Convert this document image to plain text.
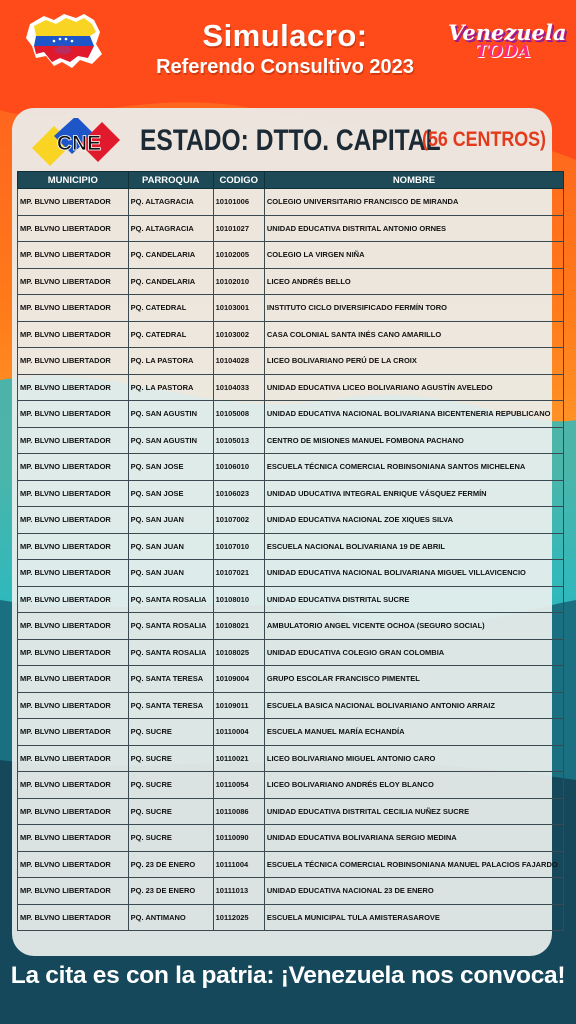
Simulacro:
Referendo Consultivo 2023
Venezuela
TODA
CNE ESTADO: DTTO. CAPITAL
(56 CENTROS)
MUNICIPIO	PARROQUIA	CODIGO	NOMBRE
MP. BLVNO LIBERTADOR	PQ. ALTAGRACIA	10101006	COLEGIO UNIVERSITARIO FRANCISCO DE MIRANDA
MP. BLVNO LIBERTADOR	PQ. ALTAGRACIA	10101027	UNIDAD EDUCATIVA DISTRITAL ANTONIO ORNES
MP. BLVNO LIBERTADOR	PQ. CANDELARIA	10102005	COLEGIO LA VIRGEN NIÑA
MP. BLVNO LIBERTADOR	PQ. CANDELARIA	10102010	LICEO ANDRÉS BELLO
MP. BLVNO LIBERTADOR	PQ. CATEDRAL	10103001	INSTITUTO CICLO DIVERSIFICADO FERMÍN TORO
MP. BLVNO LIBERTADOR	PQ. CATEDRAL	10103002	CASA COLONIAL SANTA INÉS CANO AMARILLO
MP. BLVNO LIBERTADOR	PQ. LA PASTORA	10104028	LICEO BOLIVARIANO PERÚ DE LA CROIX
MP. BLVNO LIBERTADOR	PQ. LA PASTORA	10104033	UNIDAD EDUCATIVA LICEO BOLIVARIANO AGUSTÍN AVELEDO
MP. BLVNO LIBERTADOR	PQ. SAN AGUSTIN	10105008	UNIDAD EDUCATIVA NACIONAL BOLIVARIANA BICENTENERIA REPUBLICANO
MP. BLVNO LIBERTADOR	PQ. SAN AGUSTIN	10105013	CENTRO DE MISIONES MANUEL FOMBONA PACHANO
MP. BLVNO LIBERTADOR	PQ. SAN JOSE	10106010	ESCUELA TÉCNICA COMERCIAL ROBINSONIANA SANTOS MICHELENA
MP. BLVNO LIBERTADOR	PQ. SAN JOSE	10106023	UNIDAD UDUCATIVA INTEGRAL ENRIQUE VÁSQUEZ FERMÍN
MP. BLVNO LIBERTADOR	PQ. SAN JUAN	10107002	UNIDAD EDUCATIVA NACIONAL ZOE XIQUES SILVA
MP. BLVNO LIBERTADOR	PQ. SAN JUAN	10107010	ESCUELA NACIONAL BOLIVARIANA 19 DE ABRIL
MP. BLVNO LIBERTADOR	PQ. SAN JUAN	10107021	UNIDAD EDUCATIVA NACIONAL BOLIVARIANA MIGUEL VILLAVICENCIO
MP. BLVNO LIBERTADOR	PQ. SANTA ROSALIA	10108010	UNIDAD EDUCATIVA DISTRITAL SUCRE
MP. BLVNO LIBERTADOR	PQ. SANTA ROSALIA	10108021	AMBULATORIO ANGEL VICENTE OCHOA (SEGURO SOCIAL)
MP. BLVNO LIBERTADOR	PQ. SANTA ROSALIA	10108025	UNIDAD EDUCATIVA COLEGIO GRAN COLOMBIA
MP. BLVNO LIBERTADOR	PQ. SANTA TERESA	10109004	GRUPO ESCOLAR FRANCISCO PIMENTEL
MP. BLVNO LIBERTADOR	PQ. SANTA TERESA	10109011	ESCUELA BASICA NACIONAL BOLIVARIANO ANTONIO ARRAIZ
MP. BLVNO LIBERTADOR	PQ. SUCRE	10110004	ESCUELA MANUEL MARÍA ECHANDÍA
MP. BLVNO LIBERTADOR	PQ. SUCRE	10110021	LICEO BOLIVARIANO MIGUEL ANTONIO CARO
MP. BLVNO LIBERTADOR	PQ. SUCRE	10110054	LICEO BOLIVARIANO ANDRÉS ELOY BLANCO
MP. BLVNO LIBERTADOR	PQ. SUCRE	10110086	UNIDAD EDUCATIVA DISTRITAL CECILIA NUÑEZ SUCRE
MP. BLVNO LIBERTADOR	PQ. SUCRE	10110090	UNIDAD EDUCATIVA BOLIVARIANA SERGIO MEDINA
MP. BLVNO LIBERTADOR	PQ. 23 DE ENERO	10111004	ESCUELA TÉCNICA COMERCIAL ROBINSONIANA MANUEL PALACIOS FAJARDO
MP. BLVNO LIBERTADOR	PQ. 23 DE ENERO	10111013	UNIDAD EDUCATIVA NACIONAL 23 DE ENERO
MP. BLVNO LIBERTADOR	PQ. ANTIMANO	10112025	ESCUELA MUNICIPAL TULA AMISTERASAROVE
La cita es con la patria: ¡Venezuela nos convoca!
